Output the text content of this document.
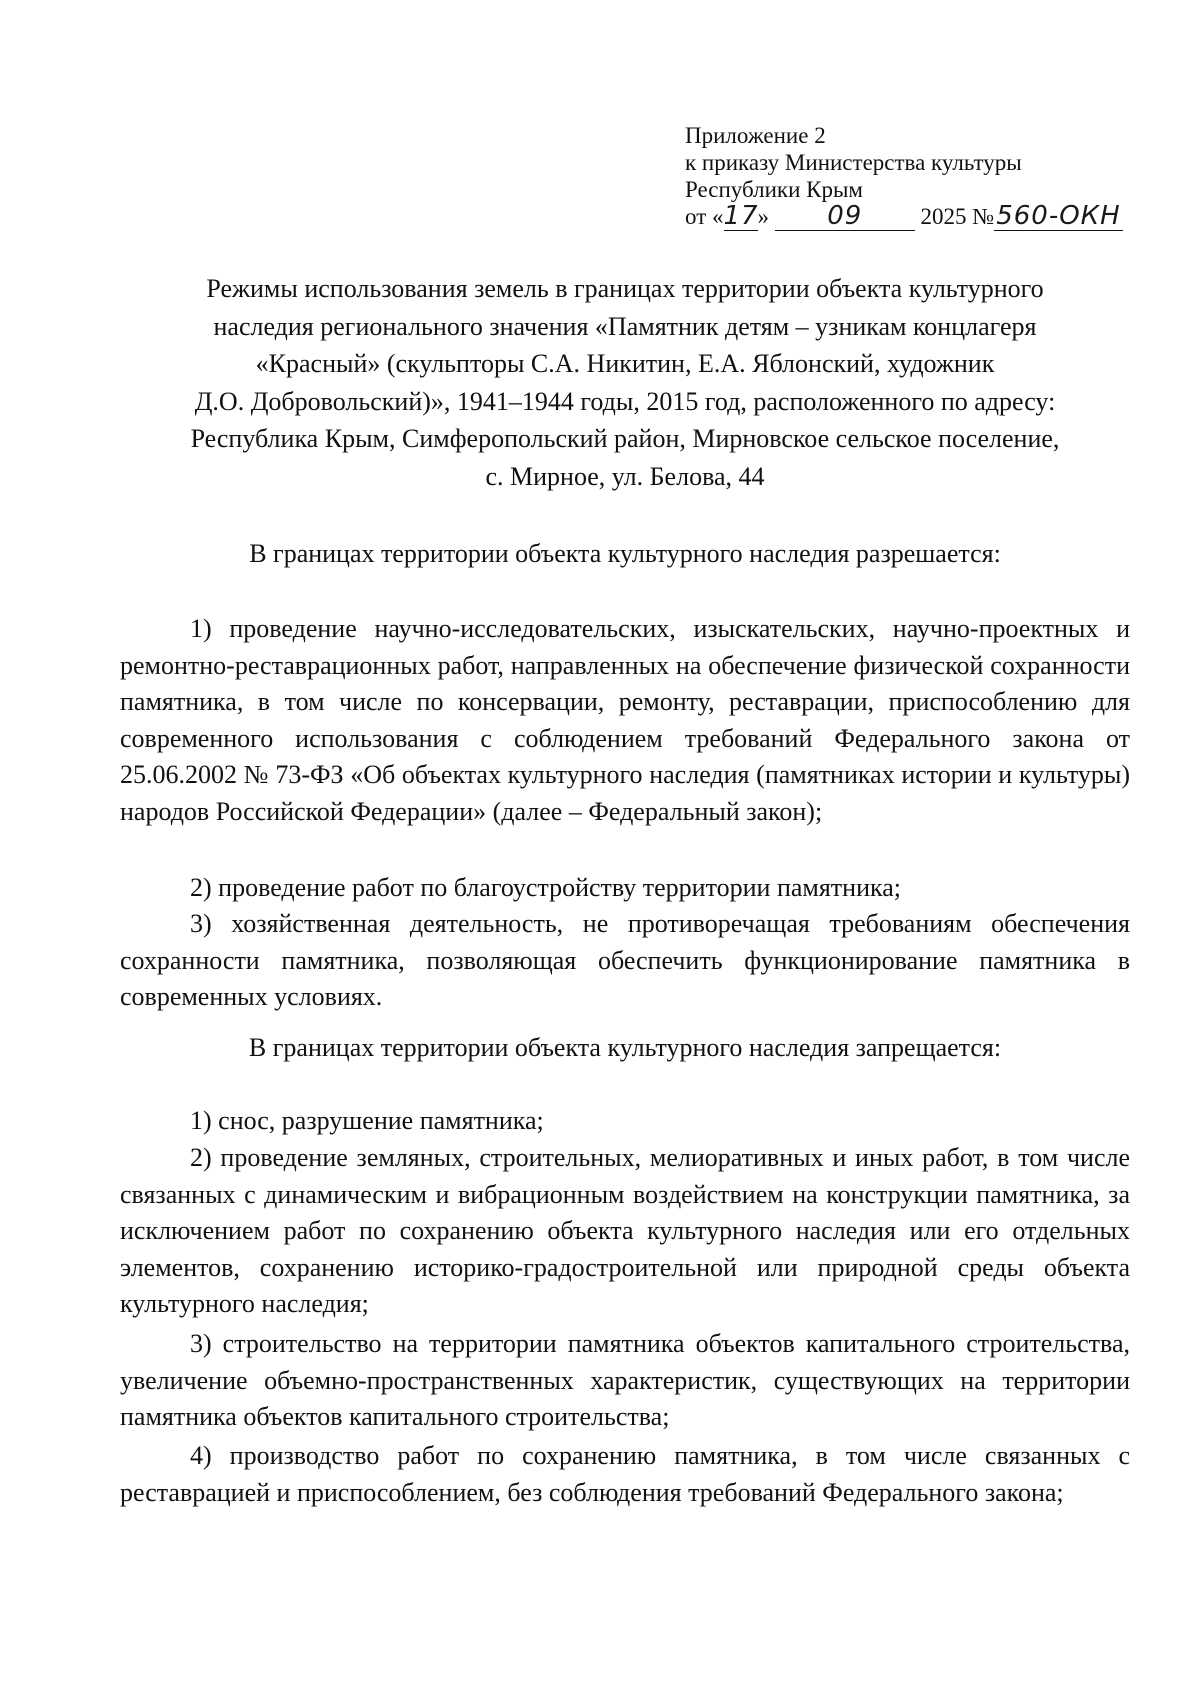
Приложение 2
к приказу Министерства культуры
Республики Крым
от «17» 09	2025 №560-ОКН
Режимы использования земель в границах территории объекта культурного
наследия регионального значения «Памятник детям – узникам концлагеря
«Красный» (скульпторы С.А. Никитин, Е.А. Яблонский, художник
Д.О. Добровольский)», 1941–1944 годы, 2015 год, расположенного по адресу:
Республика Крым, Симферопольский район, Мирновское сельское поселение,
с. Мирное, ул. Белова, 44
В границах территории объекта культурного наследия разрешается:

1) проведение научно-исследовательских, изыскательских, научно-проектных и ремонтно-реставрационных работ, направленных на обеспечение физической сохранности памятника, в том числе по консервации, ремонту, реставрации, приспособлению для современного использования с соблюдением требований Федерального закона от 25.06.2002 № 73-ФЗ «Об объектах культурного наследия (памятниках истории и культуры) народов Российской Федерации» (далее – Федеральный закон);

2) проведение работ по благоустройству территории памятника;

3) хозяйственная деятельность, не противоречащая требованиям обеспечения сохранности памятника, позволяющая обеспечить функционирование памятника в современных условиях.

В границах территории объекта культурного наследия запрещается:

1) снос, разрушение памятника;

2) проведение земляных, строительных, мелиоративных и иных работ, в том числе связанных с динамическим и вибрационным воздействием на конструкции памятника, за исключением работ по сохранению объекта культурного наследия или его отдельных элементов, сохранению историко-градостроительной или природной среды объекта культурного наследия;

3) строительство на территории памятника объектов капитального строительства, увеличение объемно-пространственных характеристик, существующих на территории памятника объектов капитального строительства;

4) производство работ по сохранению памятника, в том числе связанных с реставрацией и приспособлением, без соблюдения требований Федерального закона;
